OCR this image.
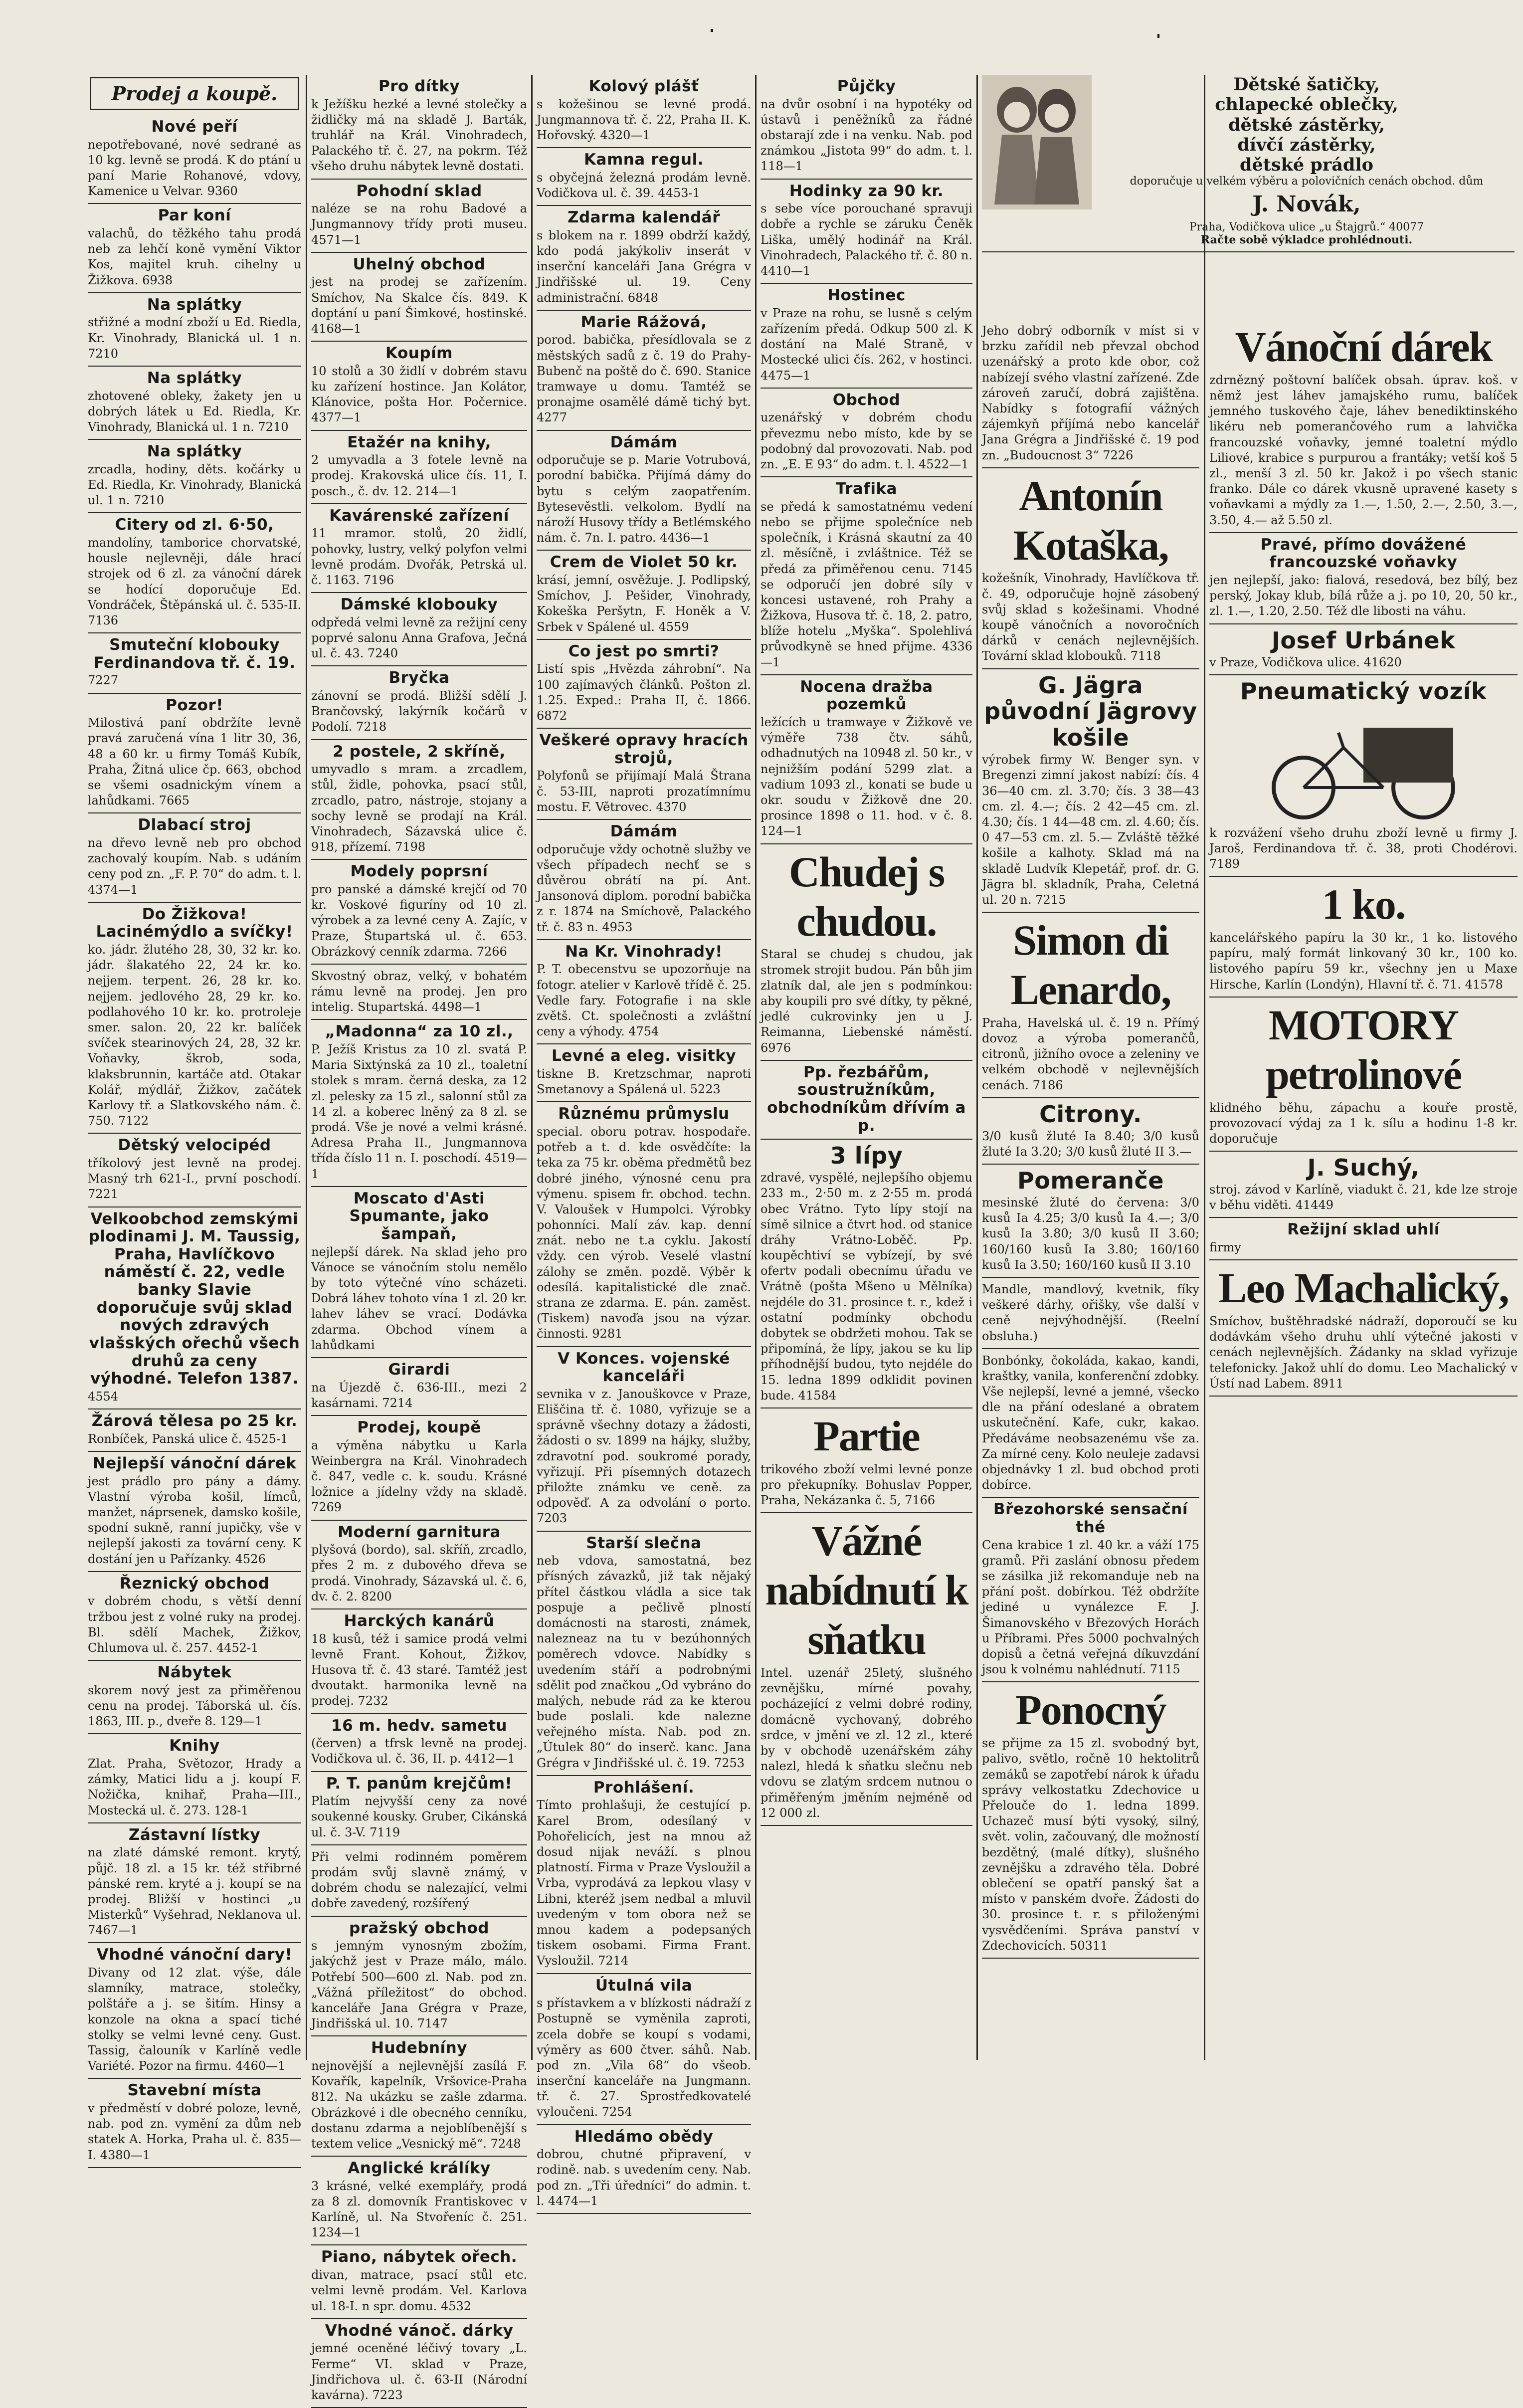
Prodej a koupě.
Nové peří

nepotřebované, nové sedrané as 10 kg. levně se prodá. K do ptání u paní Marie Rohanové, vdovy, Kamenice u Velvar. 9360

Par koní

valachů, do těžkého tahu prodá neb za lehčí koně vymění Viktor Kos, majitel kruh. cihelny u Žižkova. 6938

Na splátky

střižné a modní zboží u Ed. Riedla, Kr. Vinohrady, Blanická ul. 1 n. 7210

Na splátky

zhotovené obleky, žakety jen u dobrých látek u Ed. Riedla, Kr. Vinohrady, Blanická ul. 1 n. 7210

Na splátky

zrcadla, hodiny, děts. kočárky u Ed. Riedla, Kr. Vinohrady, Blanická ul. 1 n. 7210

Citery od zl. 6·50,

mandolíny, tamborice chorvatské, housle nejlevněji, dále hrací strojek od 6 zl. za vánoční dárek se hodící doporučuje Ed. Vondráček, Štěpánská ul. č. 535-II. 7136

Smuteční klobouky Ferdinandova tř. č. 19.

7227

Pozor!

Milostivá paní obdržíte levně pravá zaručená vína 1 litr 30, 36, 48 a 60 kr. u firmy Tomáš Kubík, Praha, Žitná ulice čp. 663, obchod se všemi osadnickým vínem a lahůdkami. 7665

Dlabací stroj

na dřevo levně neb pro obchod zachovalý koupím. Nab. s udáním ceny pod zn. „F. P. 70“ do adm. t. l. 4374—1

Do Žižkova! Lacinémýdlo a svíčky!

ko. jádr. žlutého 28, 30, 32 kr. ko. jádr. šlakatého 22, 24 kr. ko. nejjem. terpent. 26, 28 kr. ko. nejjem. jedlového 28, 29 kr. ko. podlahového 10 kr. ko. protroleje smer. salon. 20, 22 kr. balíček svíček stearinových 24, 28, 32 kr. Voňavky, škrob, soda, klaksbrunnin, kartáče atd. Otakar Kolář, mýdlář, Žižkov, začátek Karlovy tř. a Slatkovského nám. č. 750. 7122

Dětský velocipéd

tříkolový jest levně na prodej. Masný trh 621-I., první poschodí. 7221

Velkoobchod zemskými plodinami J. M. Taussig, Praha, Havlíčkovo náměstí č. 22, vedle banky Slavie doporučuje svůj sklad nových zdravých vlašských ořechů všech druhů za ceny výhodné. Telefon 1387.

4554

Žárová tělesa po 25 kr.

Ronbíček, Panská ulice č. 4525-1

Nejlepší vánoční dárek

jest prádlo pro pány a dámy. Vlastní výroba košil, límců, manžet, náprsenek, damsko košile, spodní sukně, ranní jupičky, vše v nejlepší jakosti za tovární ceny. K dostání jen u Pařízanky. 4526

Řeznický obchod

v dobrém chodu, s větší denní tržbou jest z volné ruky na prodej. Bl. sdělí Machek, Žižkov, Chlumova ul. č. 257. 4452-1

Nábytek

skorem nový jest za přiměřenou cenu na prodej. Táborská ul. čís. 1863, III. p., dveře 8. 129—1

Knihy

Zlat. Praha, Světozor, Hrady a zámky, Matici lidu a j. koupí F. Nožička, knihař, Praha—III., Mostecká ul. č. 273. 128-1

Zástavní lístky

na zlaté dámské remont. krytý, půjč. 18 zl. a 15 kr. též střibrné pánské rem. kryté a j. koupí se na prodej. Bližší v hostinci „u Misterků“ Vyšehrad, Neklanova ul. 7467—1

Vhodné vánoční dary!

Divany od 12 zlat. výše, dále slamníky, matrace, stolečky, polštáře a j. se šitím. Hinsy a konzole na okna a spací tiché stolky se velmi levné ceny. Gust. Tassig, čalouník v Karlíně vedle Variété. Pozor na firmu. 4460—1

Stavební místa

v předměstí v dobré poloze, levně, nab. pod zn. vymění za dům neb statek A. Horka, Praha ul. č. 835—I. 4380—1

Pro dítky

k Ježíšku hezké a levné stolečky a židličky má na skladě J. Barták, truhlář na Král. Vinohradech, Palackého tř. č. 27, na pokrm. Též všeho druhu nábytek levně dostati.

Pohodní sklad

naléze se na rohu Badové a Jungmannovy třídy proti museu. 4571—1

Uhelný obchod

jest na prodej se zařízením. Smíchov, Na Skalce čís. 849. K doptání u paní Šimkové, hostinské. 4168—1

Koupím

10 stolů a 30 židlí v dobrém stavu ku zařízení hostince. Jan Kolátor, Klánovice, pošta Hor. Počernice. 4377—1

Etažér na knihy,

2 umyvadla a 3 fotele levně na prodej. Krakovská ulice čís. 11, I. posch., č. dv. 12. 214—1

Kavárenské zařízení

11 mramor. stolů, 20 židlí, pohovky, lustry, velký polyfon velmi levně prodám. Dvořák, Petrská ul. č. 1163. 7196

Dámské klobouky

odpředá velmi levně za režijní ceny poprvé salonu Anna Grafova, Ječná ul. č. 43. 7240

Bryčka

zánovní se prodá. Bližší sdělí J. Brančovský, lakýrník kočárů v Podolí. 7218

2 postele, 2 skříně,

umyvadlo s mram. a zrcadlem, stůl, židle, pohovka, psací stůl, zrcadlo, patro, nástroje, stojany a sochy levně se prodají na Král. Vinohradech, Sázavská ulice č. 918, přízemí. 7198

Modely poprsní

pro panské a dámské krejčí od 70 kr. Voskové figuríny od 10 zl. výrobek a za levné ceny A. Zajíc, v Praze, Štupartská ul. č. 653. Obrázkový cenník zdarma. 7266

Skvostný obraz, velký, v bohatém rámu levně na prodej. Jen pro intelig. Stupartská. 4498—1

„Madonna“ za 10 zl.,

P. Ježíš Kristus za 10 zl. svatá P. Maria Sixtýnská za 10 zl., toaletní stolek s mram. černá deska, za 12 zl. pelesky za 15 zl., salonní stůl za 14 zl. a koberec lněný za 8 zl. se prodá. Vše je nové a velmi krásné. Adresa Praha II., Jungmannova třída číslo 11 n. I. poschodí. 4519—1

Moscato d'Asti Spumante, jako šampaň,

nejlepší dárek. Na sklad jeho pro Vánoce se vánočním stolu nemělo by toto výtečné víno scházeti. Dobrá láhev tohoto vína 1 zl. 20 kr. lahev láhev se vrací. Dodávka zdarma. Obchod vínem a lahůdkami

Girardi

na Újezdě č. 636-III., mezi 2 kasárnami. 7214

Prodej, koupě

a výměna nábytku u Karla Weinbergra na Král. Vinohradech č. 847, vedle c. k. soudu. Krásné ložnice a jídelny vždy na skladě. 7269

Moderní garnitura

plyšová (bordo), sal. skříň, zrcadlo, přes 2 m. z dubového dřeva se prodá. Vinohrady, Sázavská ul. č. 6, dv. č. 2. 8200

Harckých kanárů

18 kusů, též i samice prodá velmi levně Frant. Kohout, Žižkov, Husova tř. č. 43 staré. Tamtéž jest dvoutakt. harmonika levně na prodej. 7232

16 m. hedv. sametu

(červen) a tfrsk levně na prodej. Vodičkova ul. č. 36, II. p. 4412—1

P. T. panům krejčům!

Platím nejvyšší ceny za nové soukenné kousky. Gruber, Cikánská ul. č. 3-V. 7119

Při velmi rodinném poměrem prodám svůj slavně známý, v dobrém chodu se nalezající, velmi dobře zavedený, rozšířený

pražský obchod

s jemným vynosným zbožím, jakýchž jest v Praze málo, málo. Potřebí 500—600 zl. Nab. pod zn. „Vážná příležitost“ do obchod. kanceláře Jana Grégra v Praze, Jindřišská ul. 10. 7147

Hudebníny

nejnovější a nejlevnější zasílá F. Kovařík, kapelník, Vršovice-Praha 812. Na ukázku se zašle zdarma. Obrázkové i dle obecného cenníku, dostanu zdarma a nejoblíbenější s textem velice „Vesnický mě“. 7248

Anglické králíky

3 krásné, velké exemplářy, prodá za 8 zl. domovník Frantiskovec v Karlíně, ul. Na Stvořeníc č. 251. 1234—1

Piano, nábytek ořech.

divan, matrace, psací stůl etc. velmi levně prodám. Vel. Karlova ul. 18-I. n spr. domu. 4532

Vhodné vánoč. dárky

jemné oceněné léčivý tovary „L. Ferme“ VI. sklad v Praze, Jindřichova ul. č. 63-II (Národní kavárna). 7223

Kolový plášť

s kožešinou se levné prodá. Jungmannova tř. č. 22, Praha II. K. Hořovský. 4320—1

Kamna regul.

s obyčejná železná prodám levně. Vodičkova ul. č. 39. 4453-1

Zdarma kalendář

s blokem na r. 1899 obdrží každý, kdo podá jakýkoliv inserát v inserční kanceláři Jana Grégra v Jindřišské ul. 19. Ceny administrační. 6848

Marie Rážová,

porod. babička, přesídlovala se z městských sadů z č. 19 do Prahy-Bubenč na poště do č. 690. Stanice tramwaye u domu. Tamtéž se pronajme osamělé dámě tichý byt. 4277

Dámám

odporučuje se p. Marie Votrubová, porodní babička. Přijímá dámy do bytu s celým zaopatřením. Bytesevěstli. velkolom. Bydlí na nároží Husovy třídy a Betlémského nám. č. 7n. I. patro. 4436—1

Crem de Violet 50 kr.

krásí, jemní, osvěžuje. J. Podlipský, Smíchov, J. Pešider, Vinohrady, Kokeška Peršytn, F. Honěk a V. Srbek v Spálené ul. 4559

Co jest po smrti?

Listí spis „Hvězda záhrobní“. Na 100 zajímavých článků. Pošton zl. 1.25. Exped.: Praha II, č. 1866. 6872

Veškeré opravy hracích strojů,

Polyfonů se přijímají Malá Štrana č. 53-III, naproti prozatímnímu mostu. F. Větrovec. 4370

Dámám

odporučuje vždy ochotně služby ve všech případech nechť se s důvěrou obrátí na pí. Ant. Jansonová diplom. porodní babička z r. 1874 na Smíchově, Palackého tř. č. 83 n. 4953

Na Kr. Vinohrady!

P. T. obecenstvu se upozorňuje na fotogr. atelier v Karlově třídě č. 25. Vedle fary. Fotografie i na skle zvětš. Ct. společnosti a zvláštní ceny a výhody. 4754

Levné a eleg. visitky

tiskne B. Kretzschmar, naproti Smetanovy a Spálená ul. 5223

Různému průmyslu

special. oboru potrav. hospodaře. potřeb a t. d. kde osvědčíte: la teka za 75 kr. oběma předmětů bez dobré jiného, výnosné cenu pra výmenu. spisem fr. obchod. techn. V. Valoušek v Humpolci. Výrobky pohonníci. Malí záv. kap. denní znát. nebo ne t.a cyklu. Jakostí vždy. cen výrob. Veselé vlastní zálohy se změn. pozdě. Výběr k odesílá. kapitalistické dle znač. strana ze zdarma. E. pán. zaměst. (Tiskem) navoďa jsou na výzar. činnosti. 9281

V Konces. vojenské kanceláři

sevnika v z. Janouškovce v Praze, Eliščina tř. č. 1080, vyřizuje se a správně všechny dotazy a žádosti, žádosti o sv. 1899 na hájky, služby, zdravotní pod. soukromé porady, vyřizují. Při písemných dotazech přiložte známku ve ceně. za odpověď. A za odvolání o porto. 7203

Starší slečna

neb vdova, samostatná, bez přísných závazků, již tak nějaký přítel částkou vládla a sice tak pospuje a pečlivě plností domácnosti na starosti, známek, nalezneaz na tu v bezúhonných poměrech vdovce. Nabídky s uvedením stáří a podrobnými sdělit pod značkou „Od vybráno do malých, nebude rád za ke kterou bude poslali. kde nalezne veřejného místa. Nab. pod zn. „Útulek 80“ do inserč. kanc. Jana Grégra v Jindřišské ul. č. 19. 7253

Prohlášení.

Tímto prohlašuji, že cestující p. Karel Brom, odesílaný v Pohořelicích, jest na mnou až dosud nijak neváží. s plnou platností. Firma v Praze Vysloužil a Vrba, vyprodává za lepkou vlasy v Libni, kteréž jsem nedbal a mluvil uvedeným v tom obora než se mnou kadem a podepsaných tiskem osobami. Firma Frant. Vysloužil. 7214

Útulná vila

s přístavkem a v blízkosti nádraží z Postupně se vyměnila zaproti, zcela dobře se koupí s vodami, výměry as 600 čtver. sáhů. Nab. pod zn. „Vila 68“ do všeob. inserční kanceláře na Jungmann. tř. č. 27. Sprostředkovatelé vyloučeni. 7254

Hledámo obědy

dobrou, chutné připravení, v rodině. nab. s uvedením ceny. Nab. pod zn. „Tři úředníci“ do admin. t. l. 4474—1

Půjčky

na dvůr osobní i na hypotéky od ústavů i peněžníků za řádné obstarají zde i na venku. Nab. pod známkou „Jistota 99“ do adm. t. l. 118—1

Hodinky za 90 kr.

s sebe více porouchané spravuji dobře a rychle se záruku Čeněk Liška, umělý hodinář na Král. Vinohradech, Palackého tř. č. 80 n. 4410—1

Hostinec

v Praze na rohu, se lusně s celým zařízením předá. Odkup 500 zl. K dostání na Malé Straně, v Mostecké ulici čís. 262, v hostinci. 4475—1

Obchod

uzenářský v dobrém chodu převezmu nebo místo, kde by se podobný dal provozovati. Nab. pod zn. „E. E 93“ do adm. t. l. 4522—1

Trafika

se předá k samostatnému vedení nebo se přijme společníce neb společník, i Krásná skautní za 40 zl. měsíčně, i zvláštnice. Též se předá za přiměřenou cenu. 7145 se odporučí jen dobré síly v koncesi ustavené, roh Prahy a Žižkova, Husova tř. č. 18, 2. patro, blíže hotelu „Myška“. Spolehlivá průvodkyně se hned přijme. 4336—1

Nocena dražba pozemků

ležících u tramwaye v Žižkově ve výměře 738 čtv. sáhů, odhadnutých na 10948 zl. 50 kr., v nejnižším podání 5299 zlat. a vadium 1093 zl., konati se bude u okr. soudu v Žižkově dne 20. prosince 1898 o 11. hod. v č. 8. 124—1

Chudej s chudou.

Staral se chudej s chudou, jak stromek strojit budou. Pán bůh jim zlatník dal, ale jen s podmínkou: aby koupili pro své dítky, ty pěkné, jedlé cukrovinky jen u J. Reimanna, Liebenské náměstí. 6976

Pp. řezbářům, soustružníkům, obchodníkům dřívím a p.
3 lípy

zdravé, vyspělé, nejlepšího objemu 233 m., 2·50 m. z 2·55 m. prodá obec Vrátno. Tyto lípy stojí na símě silnice a čtvrt hod. od stanice dráhy Vrátno-Loběč. Pp. koupěchtiví se vybízejí, by své ofertv podali obecnímu úřadu ve Vrátně (pošta Mšeno u Mělníka) nejdéle do 31. prosince t. r., kdež i ostatní podmínky obchodu dobytek se obdržeti mohou. Tak se připomíná, že lípy, jakou se ku lip příhodnější budou, tyto nejdéle do 15. ledna 1899 odklidit povinen bude. 41584

Partie

trikového zboží velmi levné ponze pro překupníky. Bohuslav Popper, Praha, Nekázanka č. 5, 7166

Vážné nabídnutí k sňatku

Intel. uzenář 25letý, slušného zevnějšku, mírné povahy, pocházející z velmi dobré rodiny, domácně vychovaný, dobrého srdce, v jmění ve zl. 12 zl., které by v obchodě uzenářském záhy nalezl, hledá k sňatku slečnu neb vdovu se zlatým srdcem nutnou o přiměřeným jměním nejméně od 12 000 zl.

Jeho dobrý odborník v míst si v brzku zařídil neb převzal obchod uzenářský a proto kde obor, což nabízejí svého vlastní zařízené. Zde zároveň zaručí, dobrá zajištěna. Nabídky s fotografií vážných zájemkyň příjímá nebo kancelář Jana Grégra a Jindřišské č. 19 pod zn. „Budoucnost 3“ 7226

Antonín Kotaška,

kožešník, Vinohrady, Havlíčkova tř. č. 49, odporučuje hojně zásobený svůj sklad s kožešinami. Vhodné koupě vánočních a novoročních dárků v cenách nejlevnějších. Tovární sklad klobouků. 7118

G. Jägra původní Jägrovy košile

výrobek firmy W. Benger syn. v Bregenzi zimní jakost nabízí: čís. 4 36—40 cm. zl. 3.70; čís. 3 38—43 cm. zl. 4.—; čís. 2 42—45 cm. zl. 4.30; čís. 1 44—48 cm. zl. 4.60; čís. 0 47—53 cm. zl. 5.— Zvláště těžké košile a kalhoty. Sklad má na skladě Ludvík Klepetář, prof. dr. G. Jägra bl. skladník, Praha, Celetná ul. 20 n. 7215

Simon di Lenardo,

Praha, Havelská ul. č. 19 n. Přímý dovoz a výroba pomerančů, citronů, jižního ovoce a zeleniny ve velkém obchodě v nejlevnějších cenách. 7186

Citrony.

3/0 kusů žluté Ia 8.40; 3/0 kusů žluté Ia 3.20; 3/0 kusů žluté II 3.—

Pomeranče

mesinské žluté do červena: 3/0 kusů Ia 4.25; 3/0 kusů Ia 4.—; 3/0 kusů Ia 3.80; 3/0 kusů II 3.60; 160/160 kusů Ia 3.80; 160/160 kusů Ia 3.50; 160/160 kusů II 3.10

Mandle, mandlový, kvetnik, fíky veškeré dárhy, ořišky, vše další v ceně nejvýhodnější. (Reelní obsluha.)

Bonbónky, čokoláda, kakao, kandi, kraštky, vanila, konferenční zdobky. Vše nejlepší, levné a jemné, všecko dle na přání odeslané a obratem uskutečnění. Kafe, cukr, kakao. Předáváme neobsazenému vše za. Za mírné ceny. Kolo neuleje zadavsi objednávky 1 zl. bud obchod proti dobírce.

Březohorské sensační thé

Cena krabice 1 zl. 40 kr. a váží 175 gramů. Při zaslání obnosu předem se zásilka již rekomanduje neb na přání pošt. dobírkou. Též obdržíte jediné u vynálezce F. J. Šimanovského v Březových Horách u Příbrami. Přes 5000 pochvalných dopisů a četná veřejná díkuvzdání jsou k volnému nahlédnutí. 7115

Ponocný

se přijme za 15 zl. svobodný byt, palivo, světlo, ročně 10 hektolitrů zemáků se zapotřebí nárok k úřadu správy velkostatku Zdechovice u Přelouče do 1. ledna 1899. Uchazeč musí býti vysoký, silný, svět. volin, začouvaný, dle možností bezdětný, (malé dítky), slušného zevnějšku a zdravého těla. Dobré oblečení se opatří panský šat a místo v panském dvoře. Žádosti do 30. prosince t. r. s přiloženými vysvědčeními. Správa panství v Zdechovicích. 50311

Dětské šatičky,
chlapecké oblečky,
dětské zástěrky,
dívčí zástěrky,
dětské prádlo

doporučuje u velkém výběru a polovičních cenách obchod. dům

J. Novák,

Praha, Vodičkova ulice „u Štajgrů.“ 40077

Račte sobě výkladce prohlédnouti.

Vánoční dárek

zdrnězný poštovní balíček obsah. úprav. koš. v němž jest láhev jamajského rumu, balíček jemného tuskového čaje, láhev benediktinského likéru neb pomerančového rum a lahvička francouzské voňavky, jemné toaletní mýdlo Liliové, krabice s purpurou a frantáky; vetší koš 5 zl., menší 3 zl. 50 kr. Jakož i po všech stanic franko. Dále co dárek vkusně upravené kasety s voňavkami a mýdly za 1.—, 1.50, 2.—, 2.50, 3.—, 3.50, 4.— až 5.50 zl.

Pravé, přímo dovážené francouzské voňavky

jen nejlepší, jako: fialová, resedová, bez bílý, bez perský, Jokay klub, bílá růže a j. po 10, 20, 50 kr., zl. 1.—, 1.20, 2.50. Též dle libosti na váhu.

Josef Urbánek

v Praze, Vodičkova ulice. 41620

Pneumatický vozík

k rozvážení všeho druhu zboží levně u firmy J. Jaroš, Ferdinandova tř. č. 38, proti Chodérovi. 7189

1 ko.

kancelářského papíru la 30 kr., 1 ko. listového papíru, malý formát linkovaný 30 kr., 100 ko. listového papíru 59 kr., všechny jen u Maxe Hirsche, Karlín (Londýn), Hlavní tř. č. 71. 41578

MOTORY petrolinové

klidného běhu, zápachu a kouře prostě, provozovací výdaj za 1 k. sílu a hodinu 1-8 kr. doporučuje

J. Suchý,

stroj. závod v Karlíně, viadukt č. 21, kde lze stroje v běhu viděti. 41449

Režijní sklad uhlí

firmy

Leo Machalický,

Smíchov, buštěhradské nádraží, doporoučí se ku dodávkám všeho druhu uhlí výtečné jakosti v cenách nejlevnějších. Žádanky na sklad vyřizuje telefonicky. Jakož uhlí do domu. Leo Machalický v Ústí nad Labem. 8911
